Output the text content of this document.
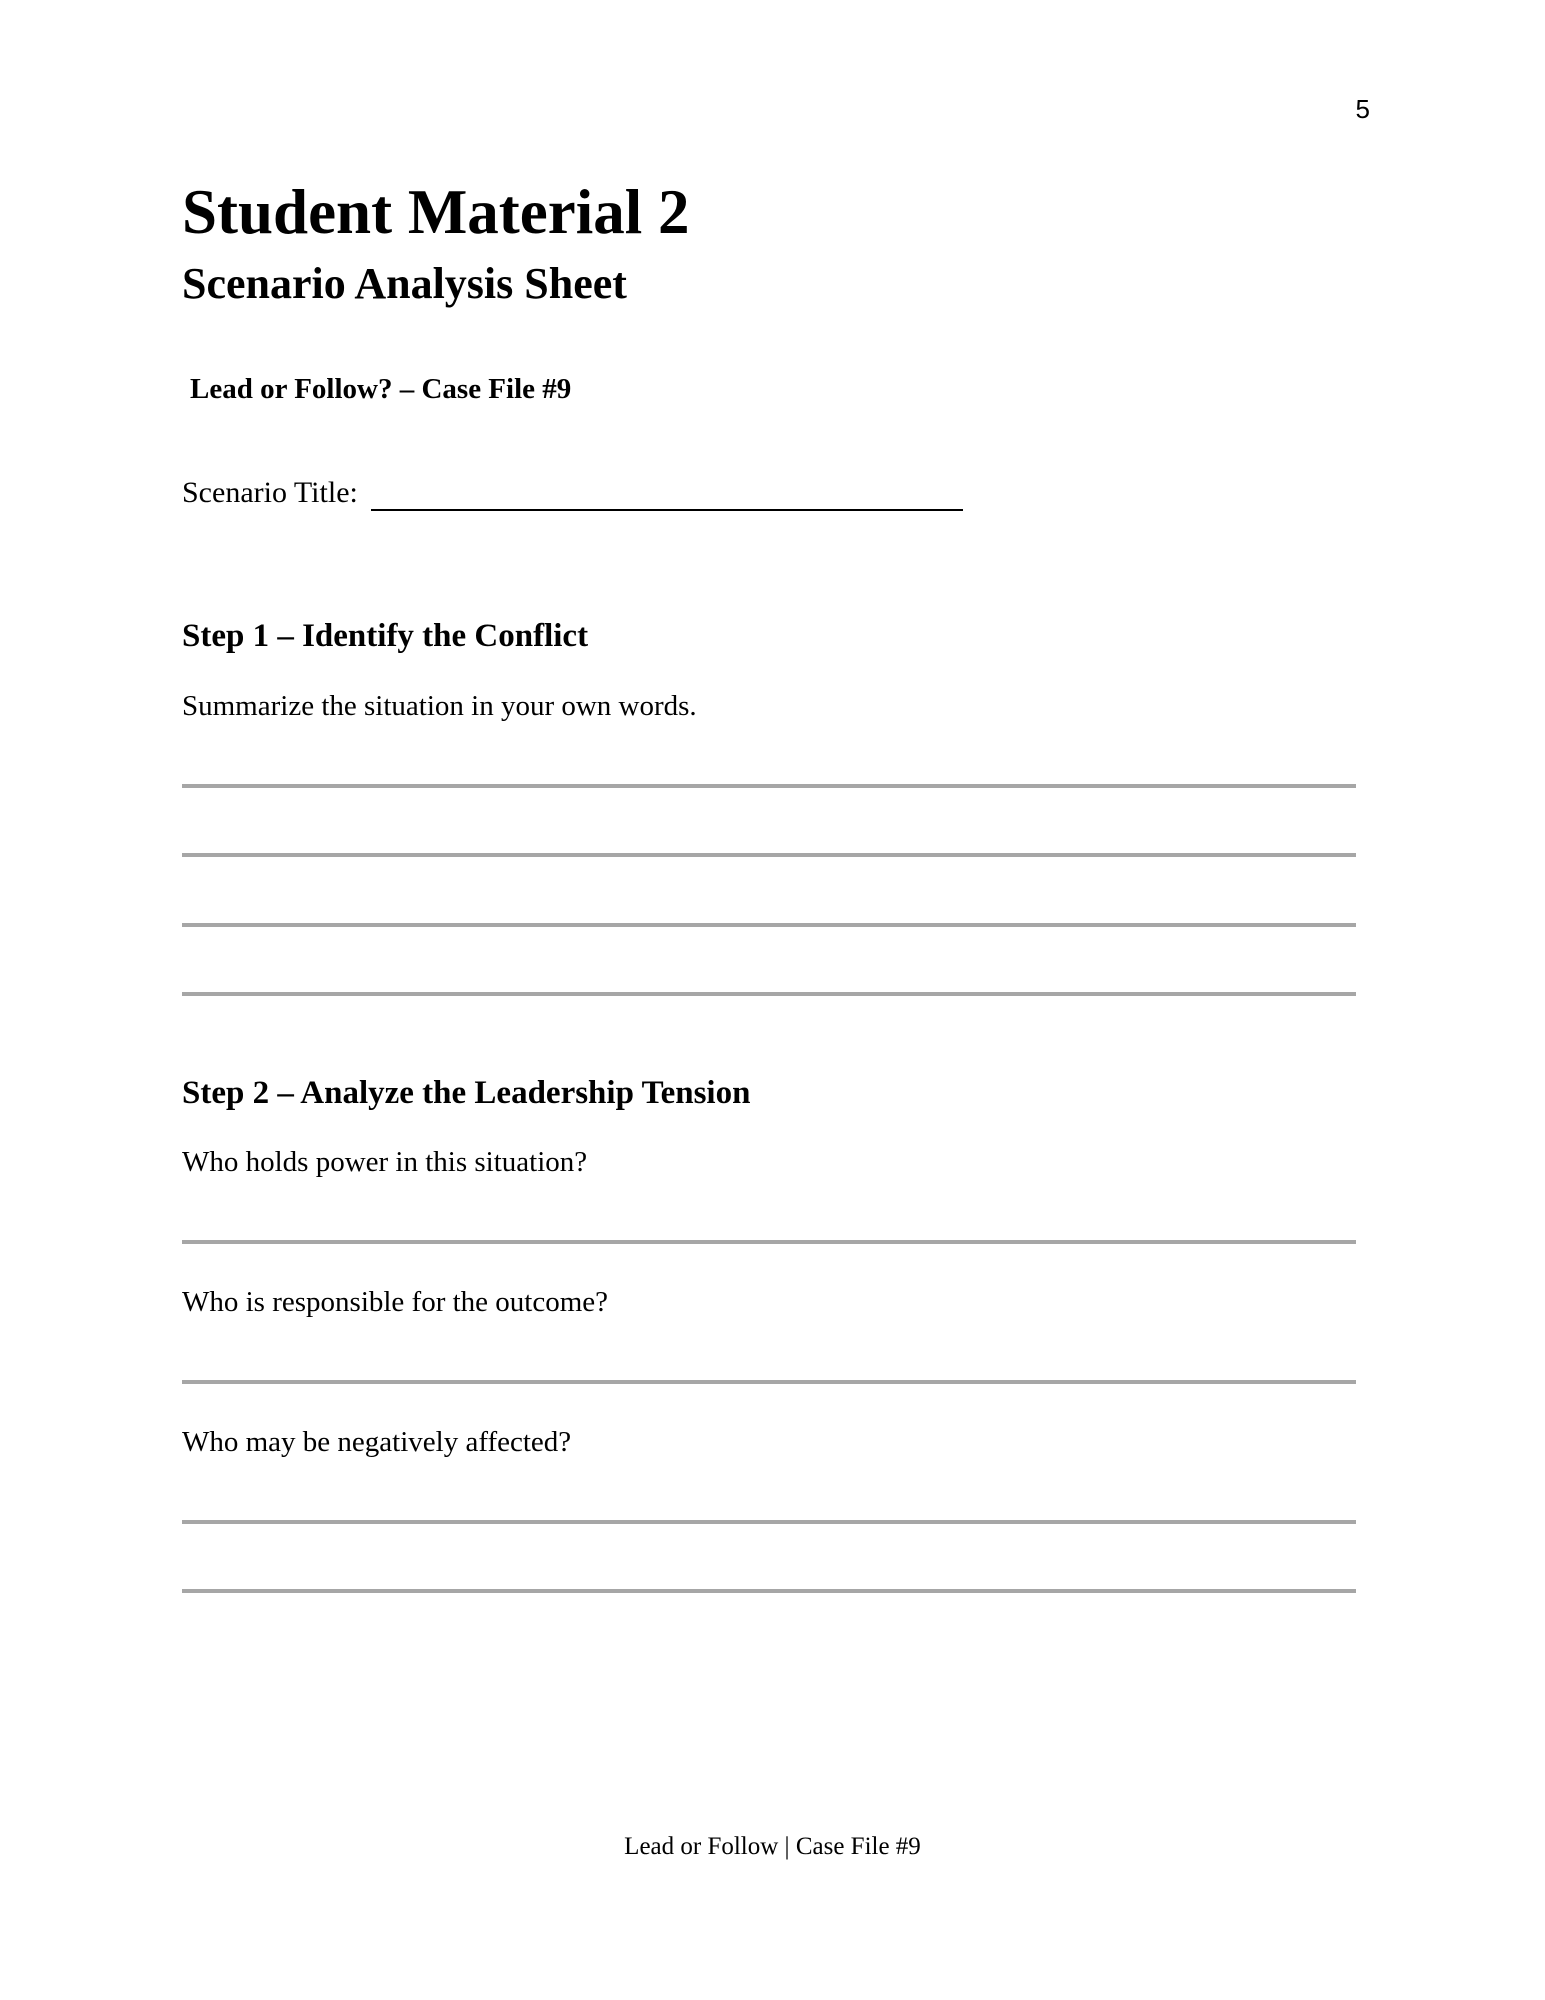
5
Student Material 2
Scenario Analysis Sheet
Lead or Follow? – Case File #9
Scenario Title:
Step 1 – Identify the Conflict
Summarize the situation in your own words.
Step 2 – Analyze the Leadership Tension
Who holds power in this situation?
Who is responsible for the outcome?
Who may be negatively affected?
Lead or Follow | Case File #9
